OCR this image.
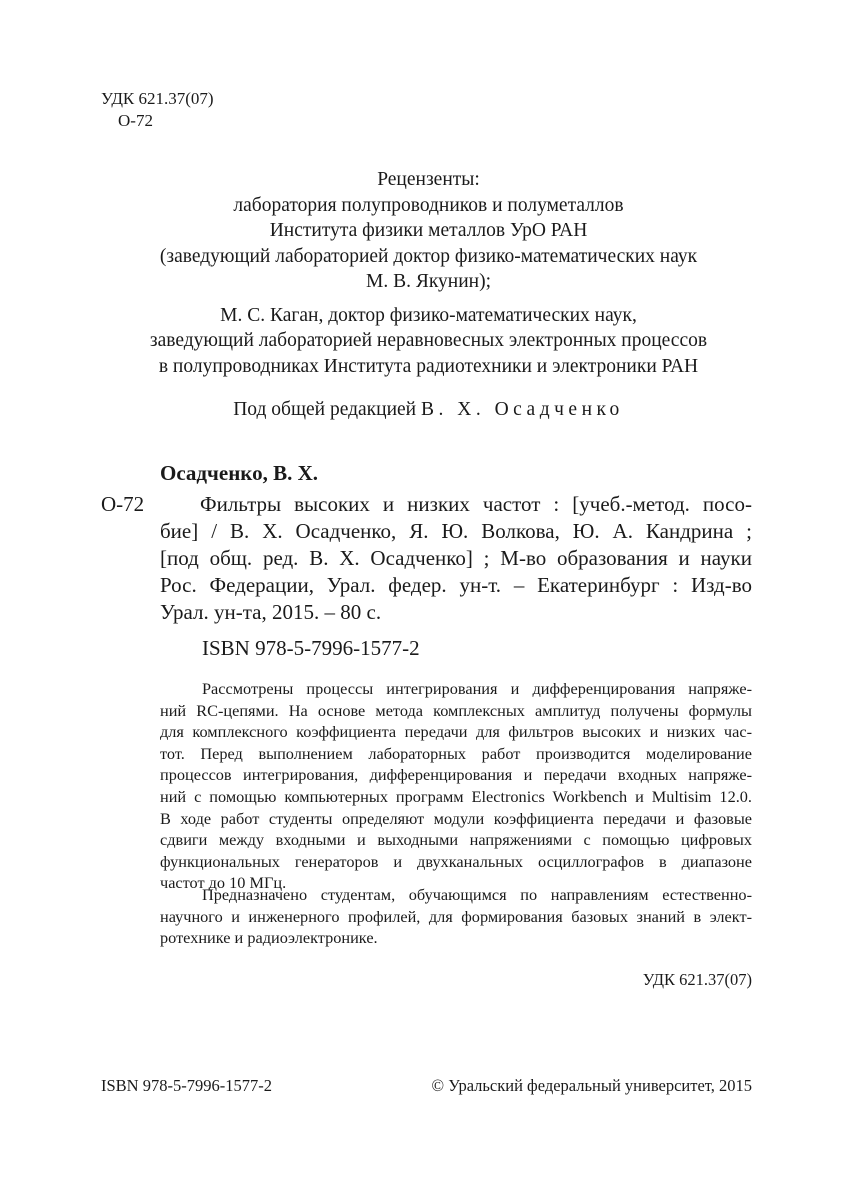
УДК 621.37(07)
О-72
Рецензенты:
лаборатория полупроводников и полуметаллов
Института физики металлов УрО РАН
(заведующий лабораторией доктор физико-математических наук
М. В. Якунин);
М. С. Каган, доктор физико-математических наук,
заведующий лабораторией неравновесных электронных процессов
в полупроводниках Института радиотехники и электроники РАН
Под общей редакцией В. Х. Осадченко
Осадченко, В. Х.
О-72	Фильтры высоких и низких частот : [учеб.-метод. посо-
бие] / В. Х. Осадченко, Я. Ю. Волкова, Ю. А. Кандрина ;
[под общ. ред. В. Х. Осадченко] ; М-во образования и науки
Рос. Федерации, Урал. федер. ун-т. – Екатеринбург : Изд-во
Урал. ун-та, 2015. – 80 с.
ISBN 978-5-7996-1577-2
Рассмотрены процессы интегрирования и дифференцирования напряже-
ний RC-цепями. На основе метода комплексных амплитуд получены формулы
для комплексного коэффициента передачи для фильтров высоких и низких час-
тот. Перед выполнением лабораторных работ производится моделирование
процессов интегрирования, дифференцирования и передачи входных напряже-
ний с помощью компьютерных программ Electronics Workbench и Multisim 12.0.
В ходе работ студенты определяют модули коэффициента передачи и фазовые
сдвиги между входными и выходными напряжениями с помощью цифровых
функциональных генераторов и двухканальных осциллографов в диапазоне
частот до 10 МГц.
Предназначено студентам, обучающимся по направлениям естественно-
научного и инженерного профилей, для формирования базовых знаний в элект-
ротехнике и радиоэлектронике.
УДК 621.37(07)
ISBN 978-5-7996-1577-2	© Уральский федеральный университет, 2015
